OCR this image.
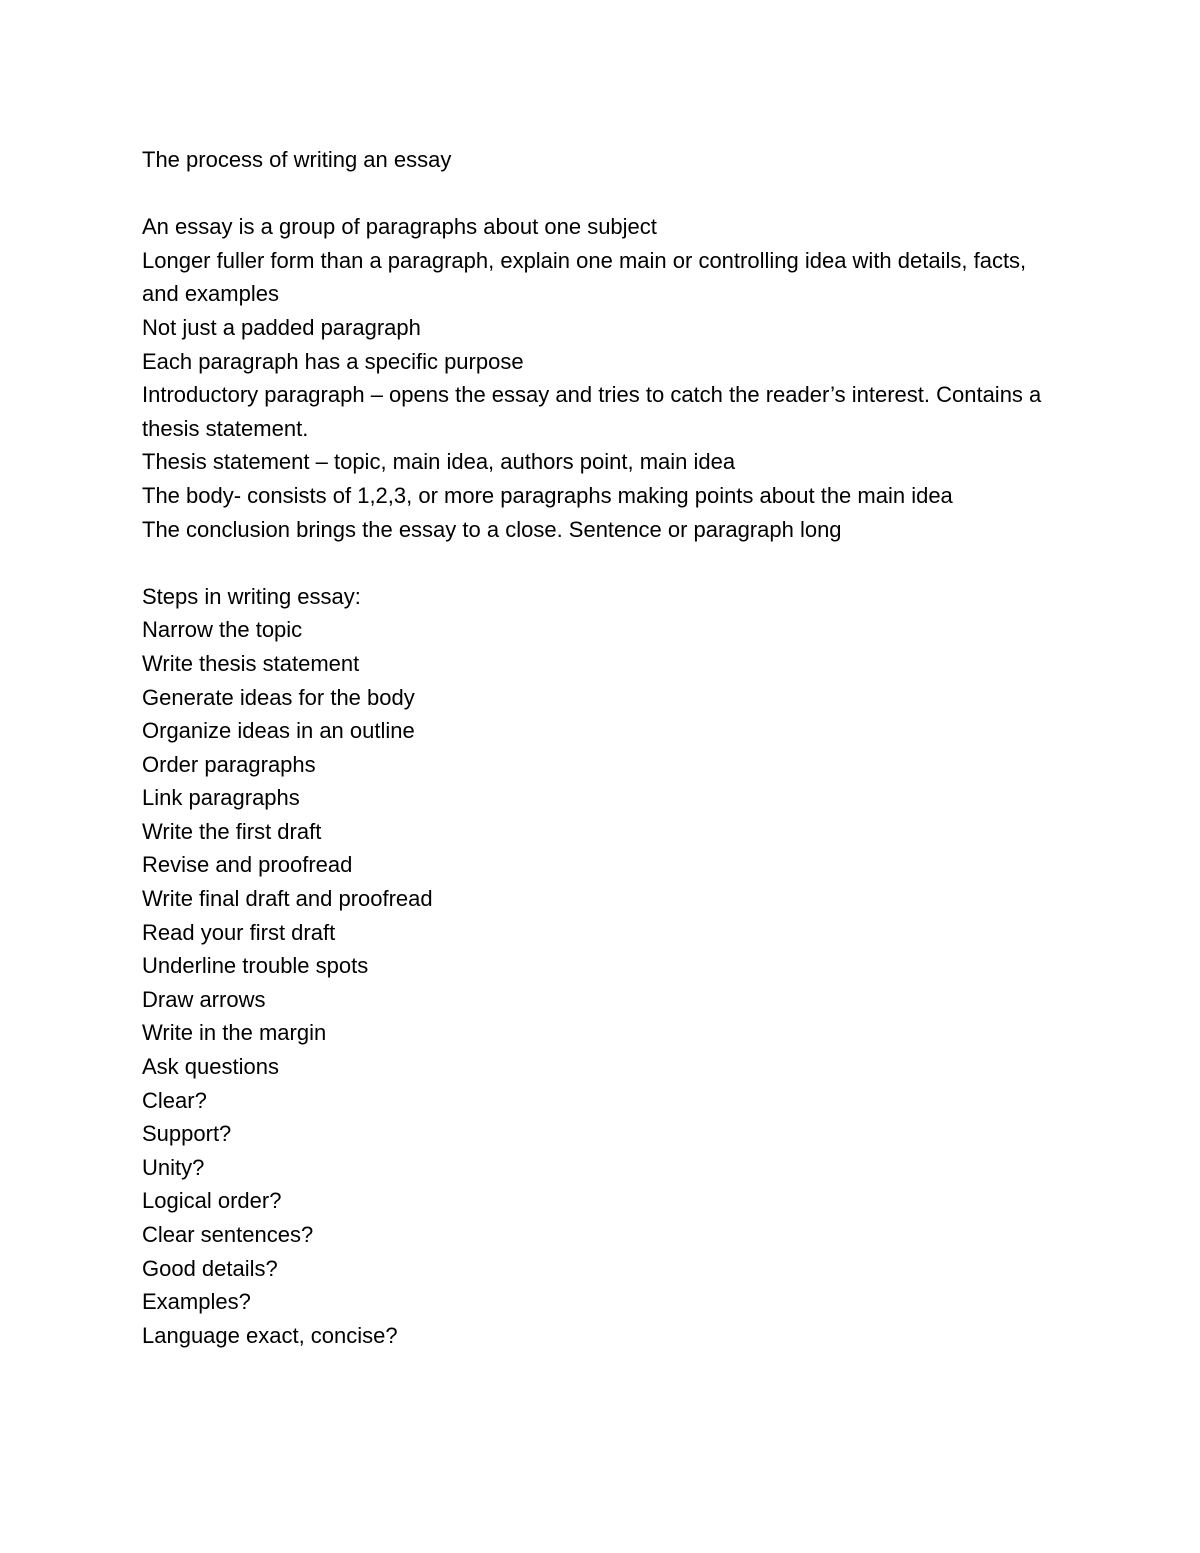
The process of writing an essay

An essay is a group of paragraphs about one subject

Longer fuller form than a paragraph, explain one main or controlling idea with details, facts, and examples

Not just a padded paragraph

Each paragraph has a specific purpose

Introductory paragraph – opens the essay and tries to catch the reader’s interest. Contains a thesis statement.

Thesis statement – topic, main idea, authors point, main idea

The body- consists of 1,2,3, or more paragraphs making points about the main idea

The conclusion brings the essay to a close. Sentence or paragraph long

Steps in writing essay:

Narrow the topic

Write thesis statement

Generate ideas for the body

Organize ideas in an outline

Order paragraphs

Link paragraphs

Write the first draft

Revise and proofread

Write final draft and proofread

Read your first draft

Underline trouble spots

Draw arrows

Write in the margin

Ask questions

Clear?

Support?

Unity?

Logical order?

Clear sentences?

Good details?

Examples?

Language exact, concise?
